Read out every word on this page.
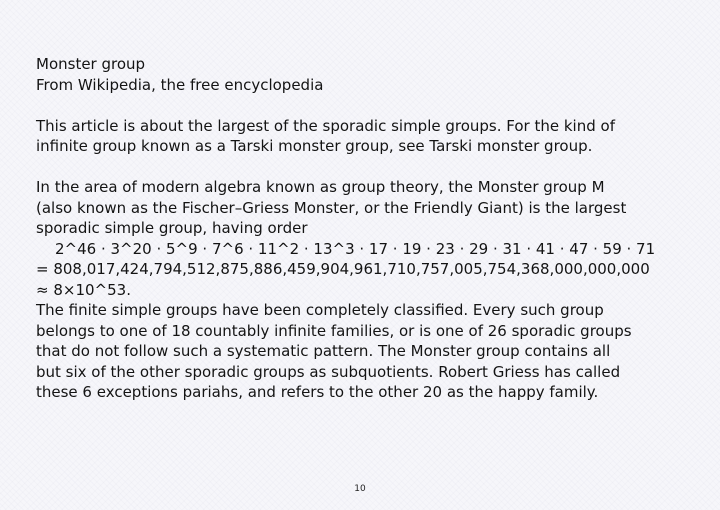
Monster group
From Wikipedia, the free encyclopedia
This article is about the largest of the sporadic simple groups. For the kind of
infinite group known as a Tarski monster group, see Tarski monster group.
In the area of modern algebra known as group theory, the Monster group M
(also known as the Fischer–Griess Monster, or the Friendly Giant) is the largest
sporadic simple group, having order
2^46 · 3^20 · 5^9 · 7^6 · 11^2 · 13^3 · 17 · 19 · 23 · 29 · 31 · 41 · 47 · 59 · 71
= 808,017,424,794,512,875,886,459,904,961,710,757,005,754,368,000,000,000
≈ 8×10^53.
The finite simple groups have been completely classified. Every such group
belongs to one of 18 countably infinite families, or is one of 26 sporadic groups
that do not follow such a systematic pattern. The Monster group contains all
but six of the other sporadic groups as subquotients. Robert Griess has called
these 6 exceptions pariahs, and refers to the other 20 as the happy family.
10
